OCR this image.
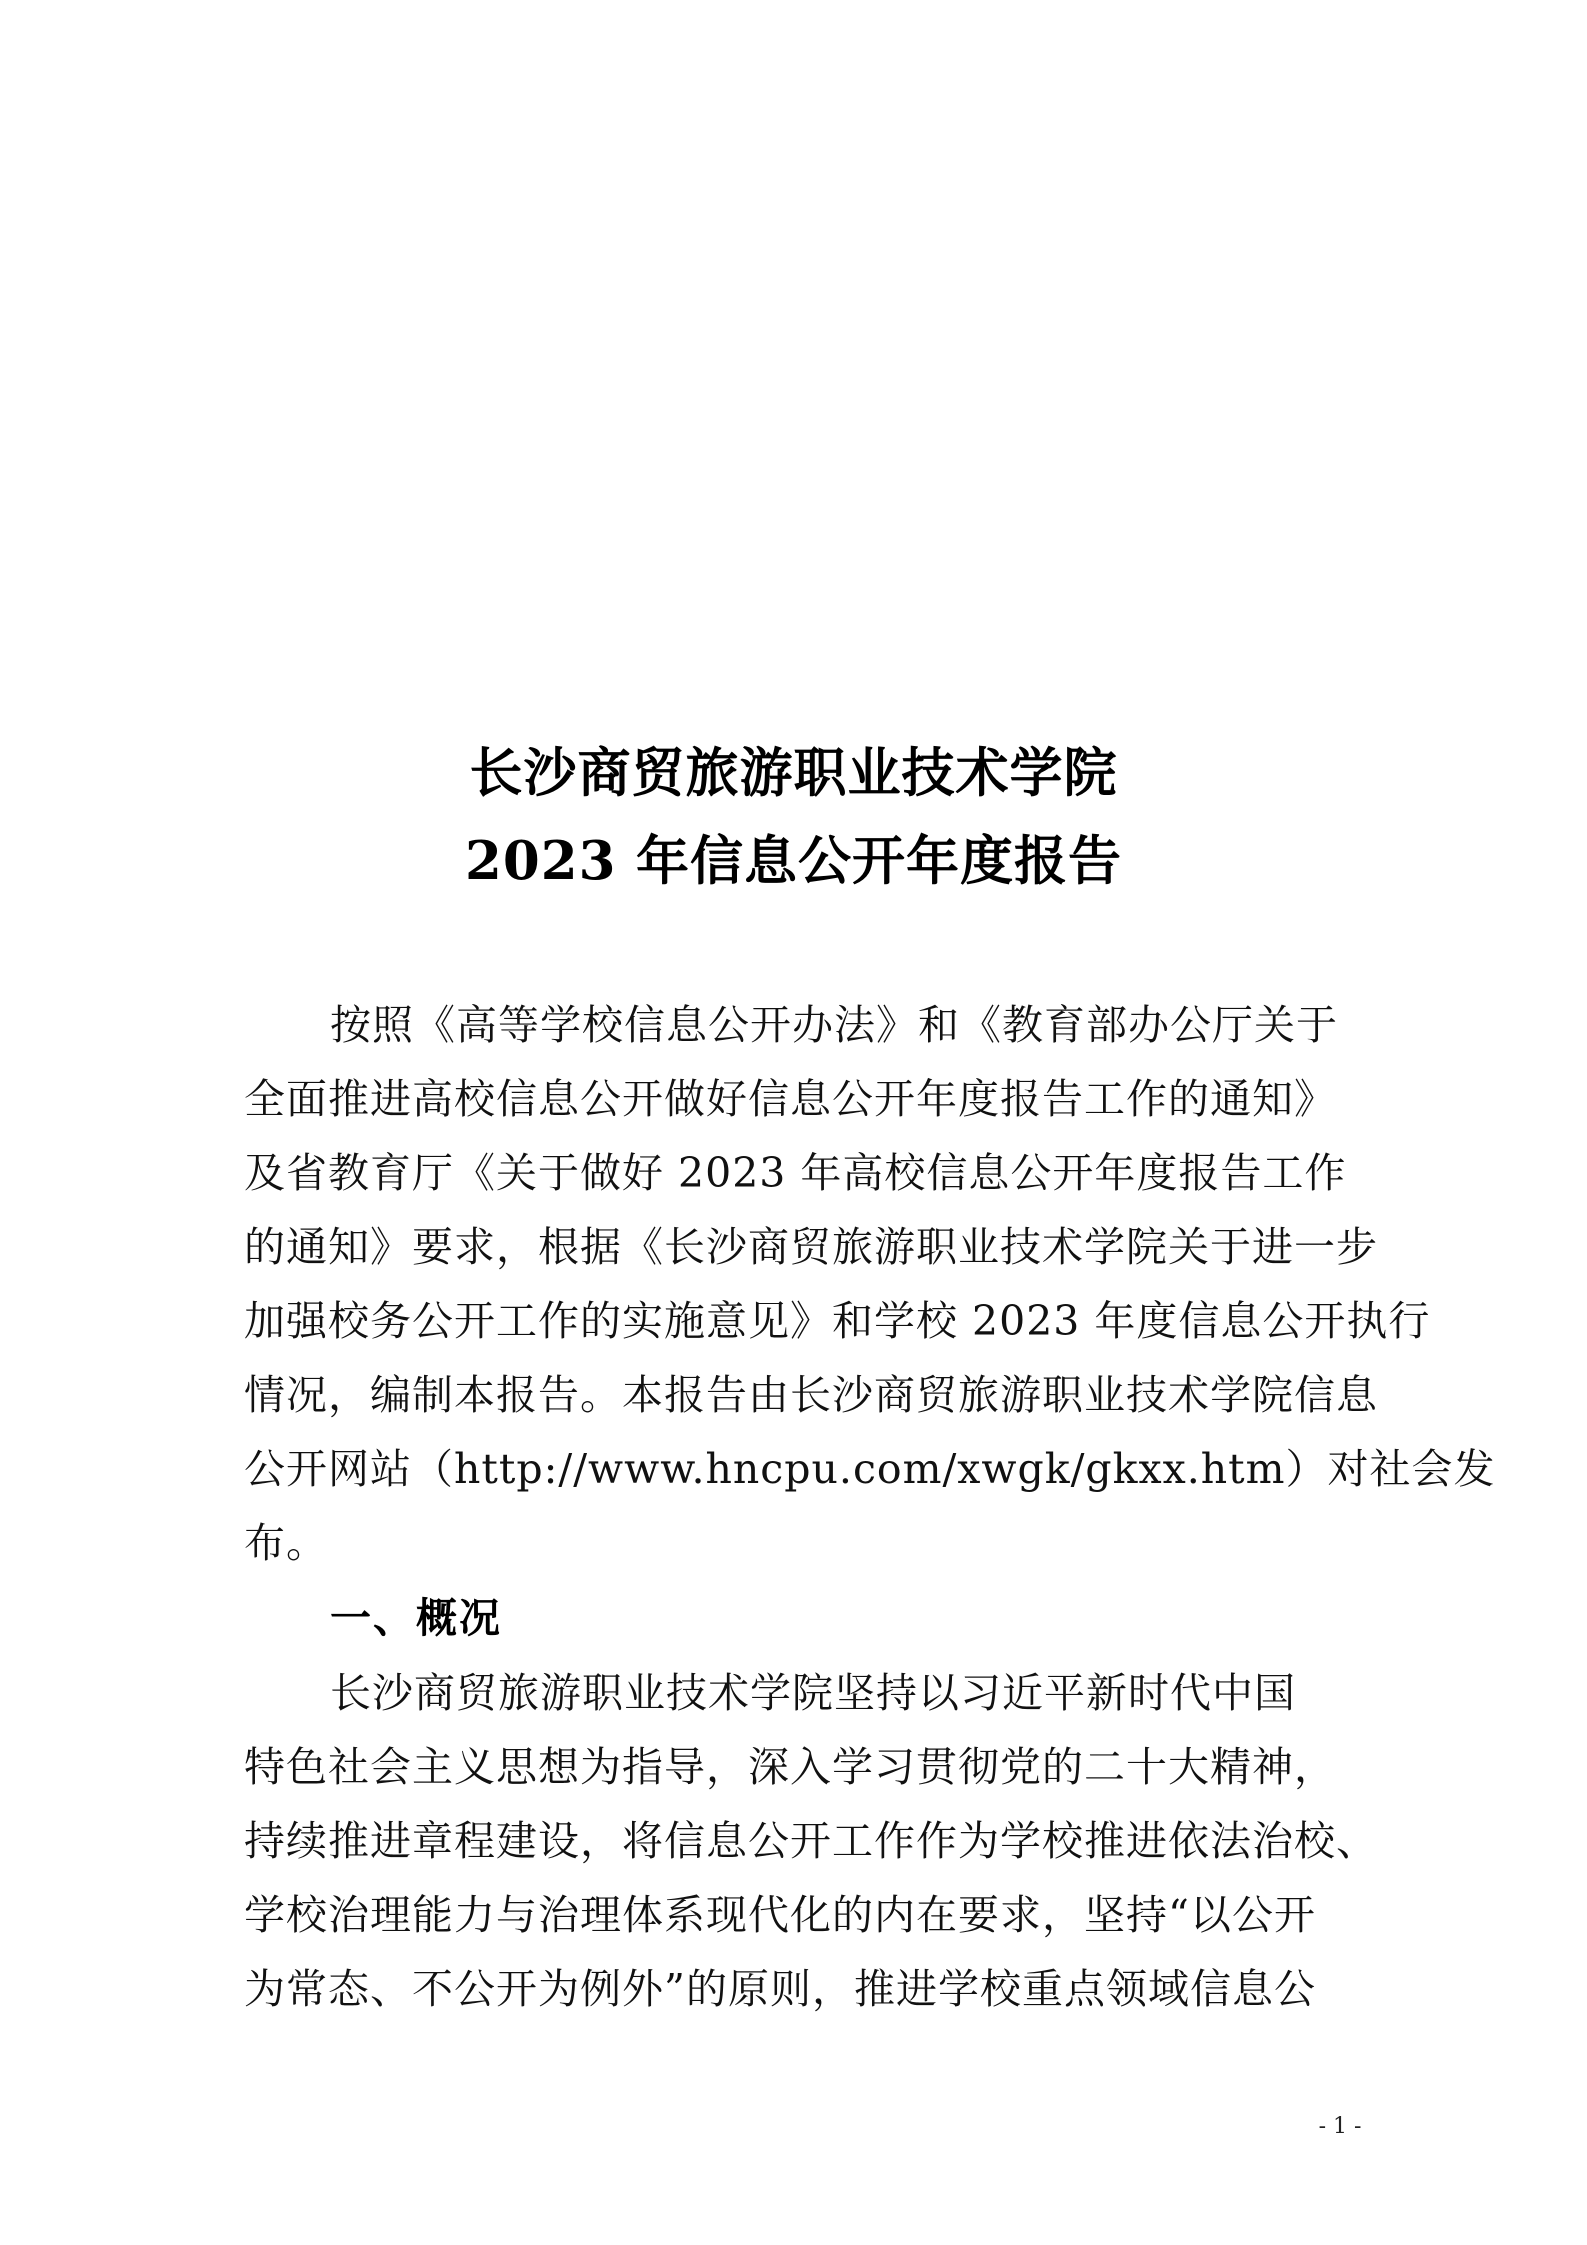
长沙商贸旅游职业技术学院
2023 年信息公开年度报告
按照《高等学校信息公开办法》和《教育部办公厅关于
全面推进高校信息公开做好信息公开年度报告工作的通知》
及省教育厅《关于做好 2023 年高校信息公开年度报告工作
的通知》要求，根据《长沙商贸旅游职业技术学院关于进一步
加强校务公开工作的实施意见》和学校 2023 年度信息公开执行
情况，编制本报告。本报告由长沙商贸旅游职业技术学院信息
公开网站（http://www.hncpu.com/xwgk/gkxx.htm）对社会发
布。
一、概况
长沙商贸旅游职业技术学院坚持以习近平新时代中国
特色社会主义思想为指导，深入学习贯彻党的二十大精神，
持续推进章程建设，将信息公开工作作为学校推进依法治校、
学校治理能力与治理体系现代化的内在要求，坚持“以公开
为常态、不公开为例外”的原则，推进学校重点领域信息公
- 1 -
